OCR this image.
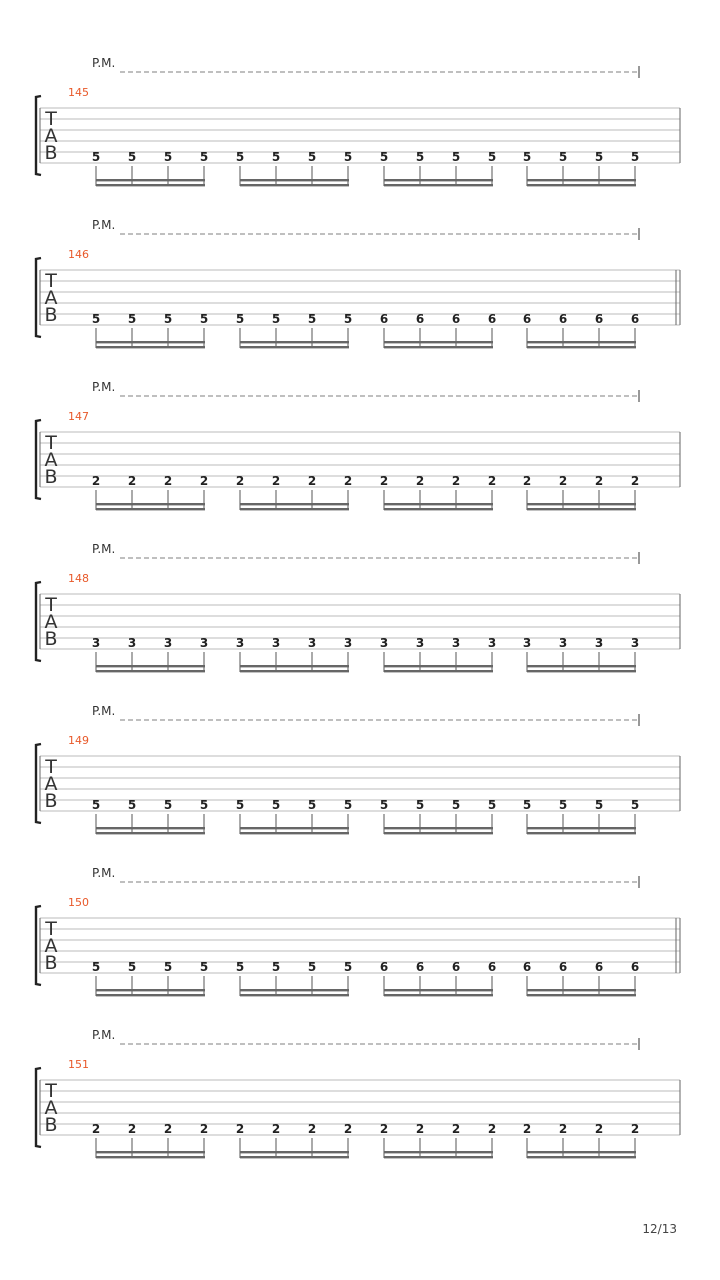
P.M.
145
T
A
B	5 5 5 5 5 5 5 5 5 5 5 5 5 5 5 5
P.M.
146
T
A
B	5 5 5 5 5 5 5 5 6 6 6 6 6 6 6 6
P.M.
147
T
A
B	2 2 2 2 2 2 2 2 2 2 2 2 2 2 2 2
P.M.
148
T
A
B	3 3 3 3 3 3 3 3 3 3 3 3 3 3 3 3
P.M.
149
T
A
B	5 5 5 5 5 5 5 5 5 5 5 5 5 5 5 5
P.M.
150
T
A
B	5 5 5 5 5 5 5 5 6 6 6 6 6 6 6 6
P.M.
151
T
A
B	2 2 2 2 2 2 2 2 2 2 2 2 2 2 2 2
12/13
